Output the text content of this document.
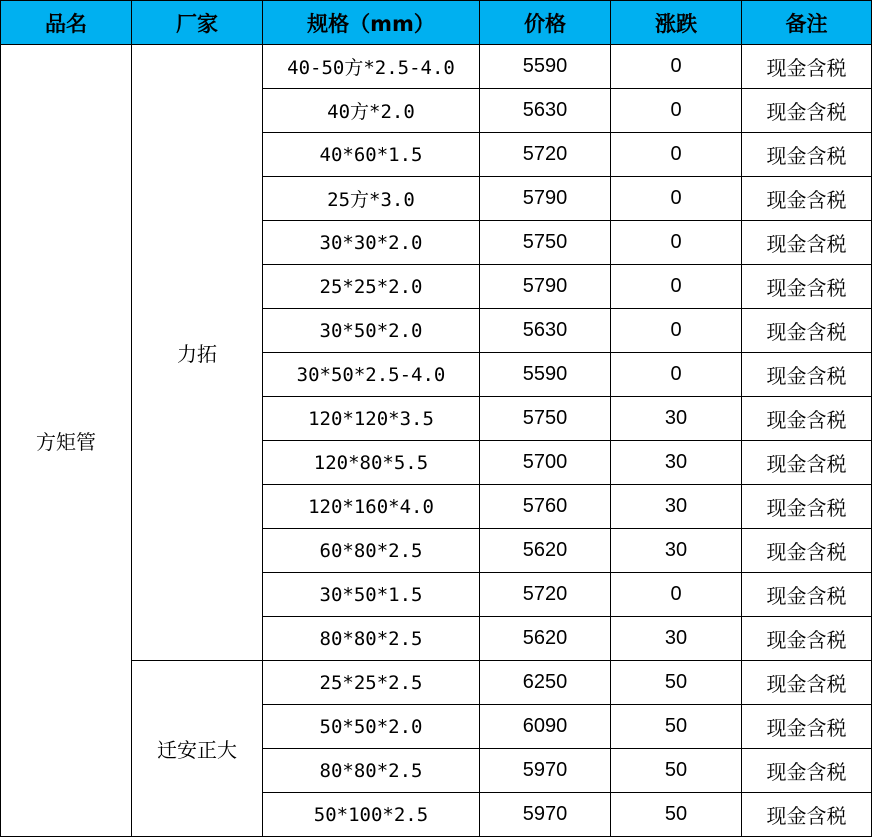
品名	厂家	规格（mm）	价格	涨跌	备注
方矩管	力拓	40-50方*2.5-4.0	5590	0	现金含税
		40方*2.0	5630	0	现金含税
		40*60*1.5	5720	0	现金含税
		25方*3.0	5790	0	现金含税
		30*30*2.0	5750	0	现金含税
		25*25*2.0	5790	0	现金含税
		30*50*2.0	5630	0	现金含税
		30*50*2.5-4.0	5590	0	现金含税
		120*120*3.5	5750	30	现金含税
		120*80*5.5	5700	30	现金含税
		120*160*4.0	5760	30	现金含税
		60*80*2.5	5620	30	现金含税
		30*50*1.5	5720	0	现金含税
		80*80*2.5	5620	30	现金含税
	迁安正大	25*25*2.5	6250	50	现金含税
		50*50*2.0	6090	50	现金含税
		80*80*2.5	5970	50	现金含税
		50*100*2.5	5970	50	现金含税
